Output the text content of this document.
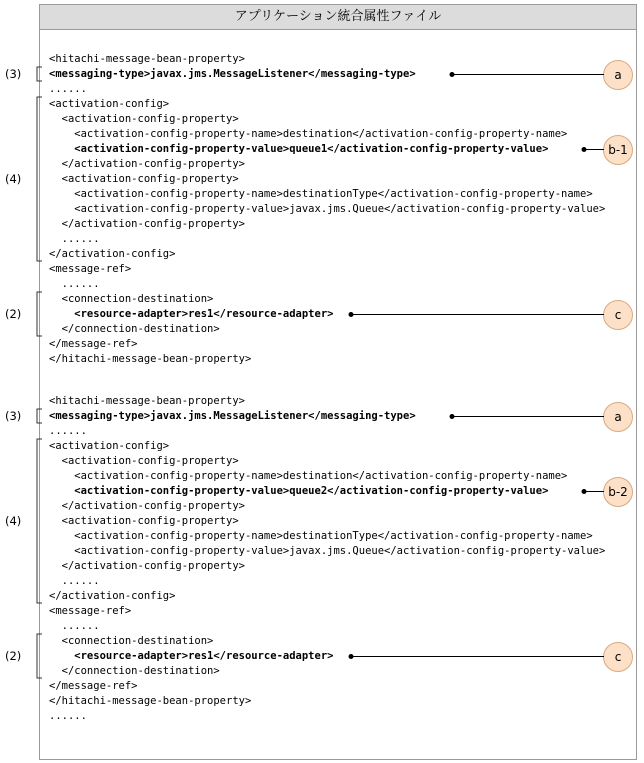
アプリケーション統合属性ファイル
<hitachi-message-bean-property>
<messaging-type>javax.jms.MessageListener</messaging-type>
......
<activation-config>
<activation-config-property>
<activation-config-property-name>destination</activation-config-property-name>
<activation-config-property-value>queue1</activation-config-property-value>
</activation-config-property>
<activation-config-property>
<activation-config-property-name>destinationType</activation-config-property-name>
<activation-config-property-value>javax.jms.Queue</activation-config-property-value>
</activation-config-property>
......
</activation-config>
<message-ref>
......
<connection-destination>
<resource-adapter>res1</resource-adapter>
</connection-destination>
</message-ref>
</hitachi-message-bean-property>
(3)
(4)
(2)
a
b-1
c
<hitachi-message-bean-property>
<messaging-type>javax.jms.MessageListener</messaging-type>
......
<activation-config>
<activation-config-property>
<activation-config-property-name>destination</activation-config-property-name>
<activation-config-property-value>queue2</activation-config-property-value>
</activation-config-property>
<activation-config-property>
<activation-config-property-name>destinationType</activation-config-property-name>
<activation-config-property-value>javax.jms.Queue</activation-config-property-value>
</activation-config-property>
......
</activation-config>
<message-ref>
......
<connection-destination>
<resource-adapter>res1</resource-adapter>
</connection-destination>
</message-ref>
</hitachi-message-bean-property>
......
(3)
(4)
(2)
a
b-2
c
